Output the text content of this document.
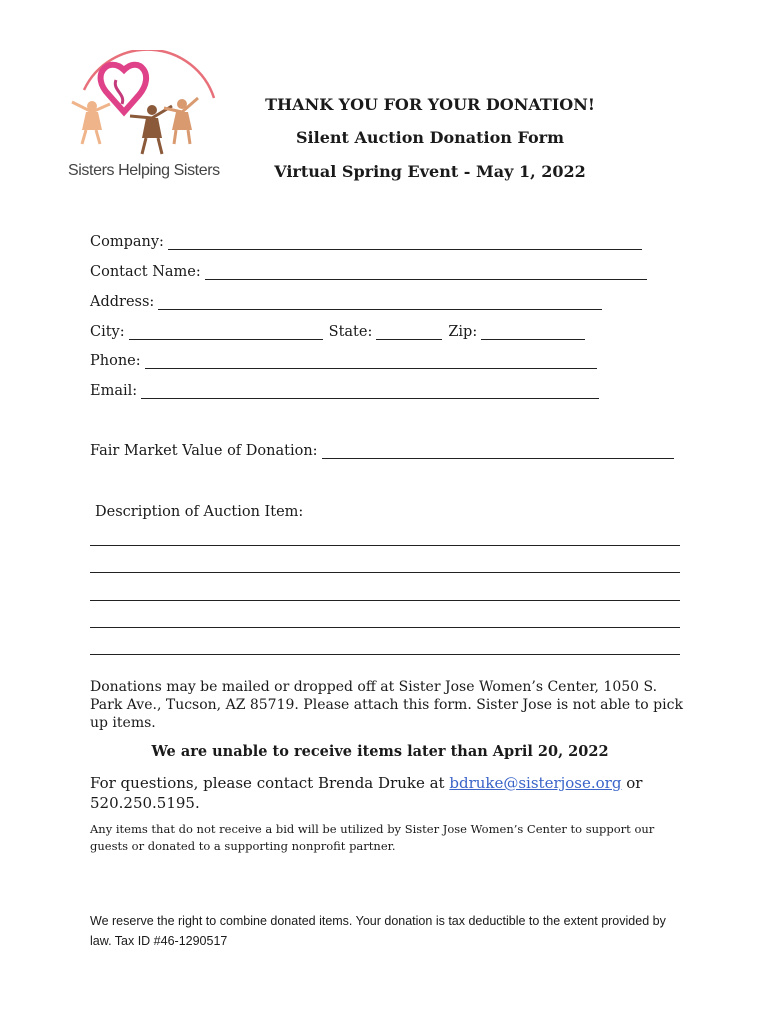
Sisters Helping Sisters
THANK YOU FOR YOUR DONATION!
Silent Auction Donation Form
Virtual Spring Event - May 1, 2022
Company:
Contact Name:
Address:
City:	State:	Zip:
Phone:
Email:
Fair Market Value of Donation:
Description of Auction Item:
Donations may be mailed or dropped off at Sister Jose Women’s Center, 1050 S. Park Ave., Tucson, AZ 85719. Please attach this form. Sister Jose is not able to pick up items.
We are unable to receive items later than April 20, 2022
For questions, please contact Brenda Druke at bdruke@sisterjose.org or 520.250.5195.
Any items that do not receive a bid will be utilized by Sister Jose Women’s Center to support our guests or donated to a supporting nonprofit partner.
We reserve the right to combine donated items. Your donation is tax deductible to the extent provided by law. Tax ID #46-1290517
